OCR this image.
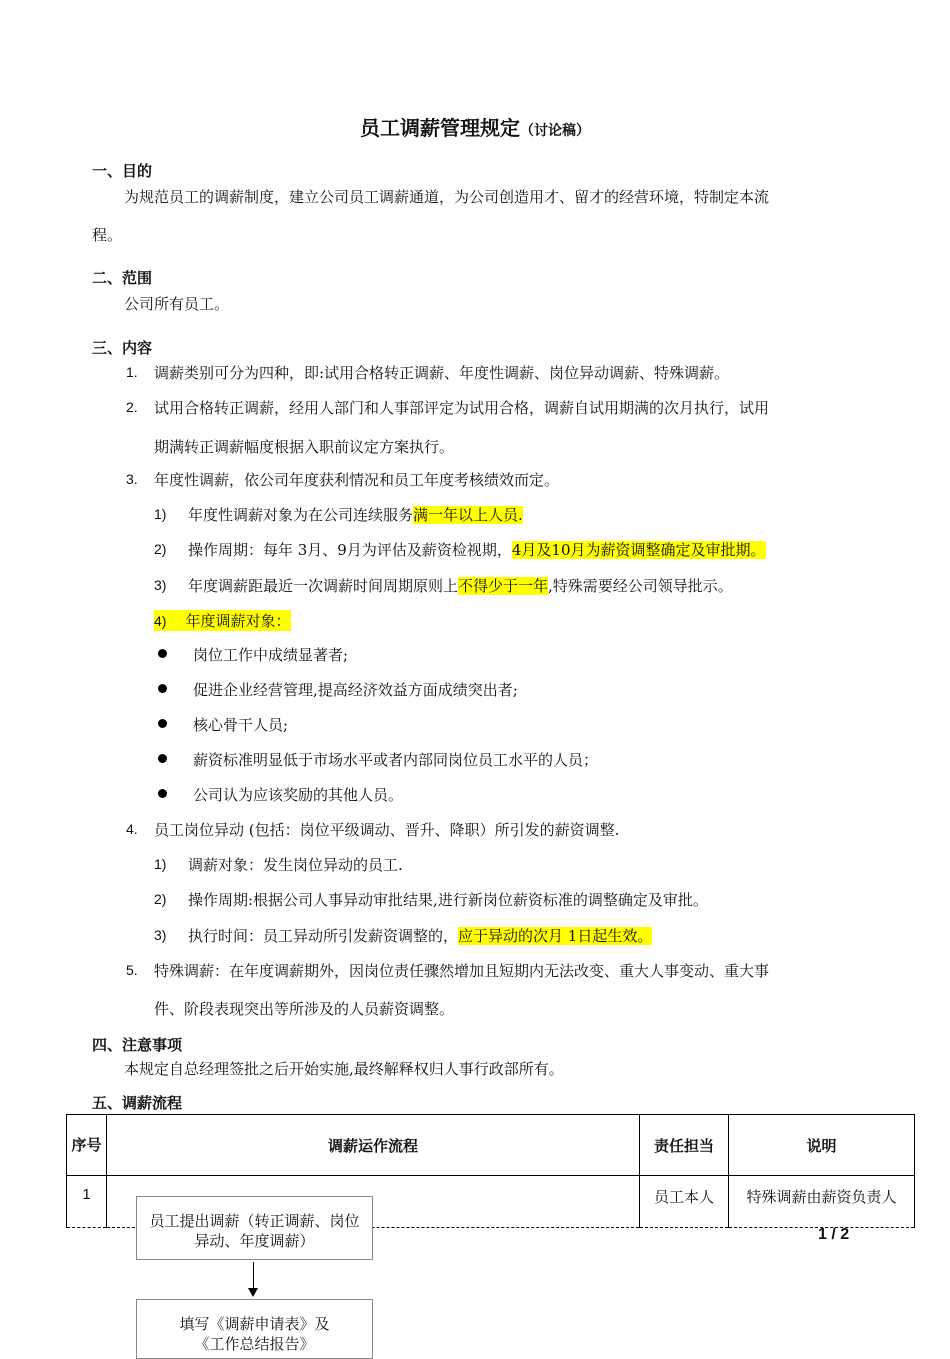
员工调薪管理规定（讨论稿）
一、目的
为规范员工的调薪制度，建立公司员工调薪通道，为公司创造用才、留才的经营环境，特制定本流
程。
二、范围
公司所有员工。
三、内容
1. 调薪类别可分为四种，即:试用合格转正调薪、年度性调薪、岗位异动调薪、特殊调薪。
2. 试用合格转正调薪，经用人部门和人事部评定为试用合格，调薪自试用期满的次月执行，试用
期满转正调薪幅度根据入职前议定方案执行。
3. 年度性调薪，依公司年度获利情况和员工年度考核绩效而定。
1) 年度性调薪对象为在公司连续服务满一年以上人员.
2) 操作周期：每年 3月、9月为评估及薪资检视期，4月及10月为薪资调整确定及审批期。
3) 年度调薪距最近一次调薪时间周期原则上不得少于一年,特殊需要经公司领导批示。
4) 年度调薪对象：
岗位工作中成绩显著者;
促进企业经营管理,提高经济效益方面成绩突出者;
核心骨干人员;
薪资标准明显低于市场水平或者内部同岗位员工水平的人员；
公司认为应该奖励的其他人员。
4. 员工岗位异动 (包括：岗位平级调动、晋升、降职）所引发的薪资调整.
1) 调薪对象：发生岗位异动的员工.
2) 操作周期:根据公司人事异动审批结果,进行新岗位薪资标准的调整确定及审批。
3) 执行时间：员工异动所引发薪资调整的，应于异动的次月 1日起生效。
5. 特殊调薪：在年度调薪期外，因岗位责任骤然增加且短期内无法改变、重大人事变动、重大事
件、阶段表现突出等所涉及的人员薪资调整。
四、注意事项
本规定自总经理签批之后开始实施,最终解释权归人事行政部所有。
五、调薪流程
序号	调薪运作流程	责任担当	说明
1		员工本人	特殊调薪由薪资负责人
员工提出调薪（转正调薪、岗位异动、年度调薪）
填写《调薪申请表》及《工作总结报告》
1 / 2
